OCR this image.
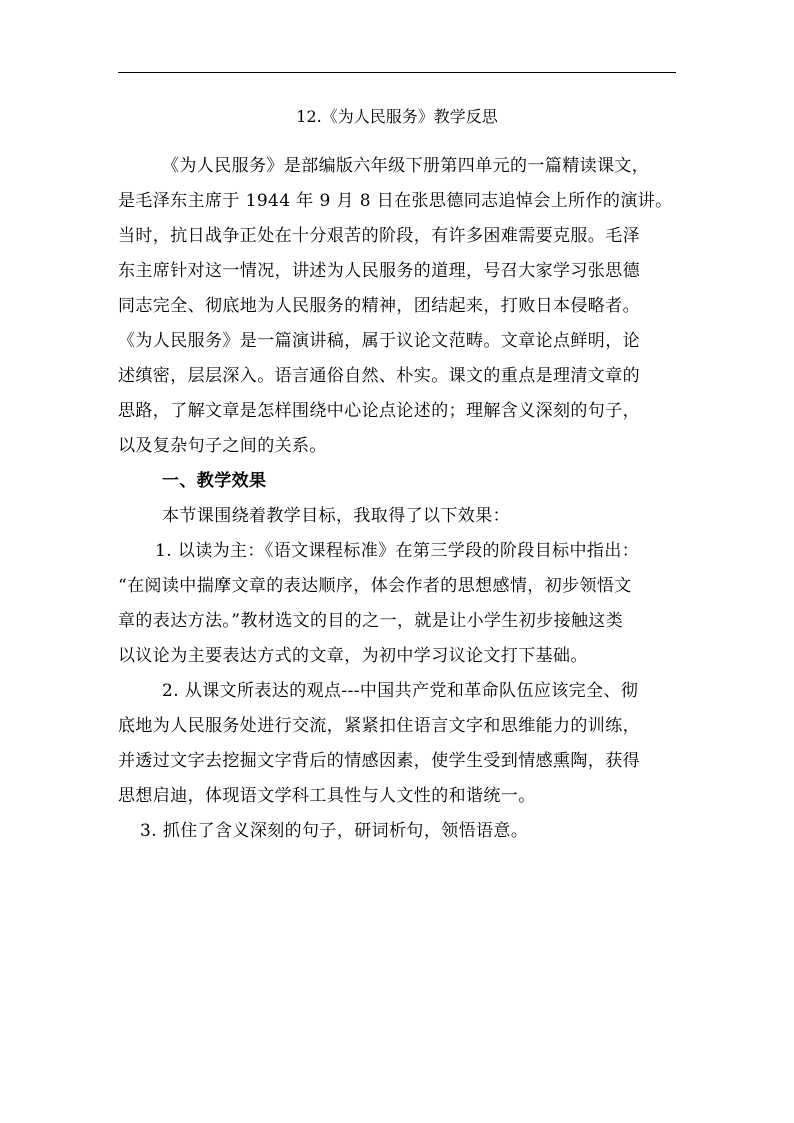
12.《为人民服务》教学反思
《为人民服务》是部编版六年级下册第四单元的一篇精读课文，
是毛泽东主席于 1944 年 9 月 8 日在张思德同志追悼会上所作的演讲。
当时，抗日战争正处在十分艰苦的阶段，有许多困难需要克服。毛泽
东主席针对这一情况，讲述为人民服务的道理，号召大家学习张思德
同志完全、彻底地为人民服务的精神，团结起来，打败日本侵略者。
《为人民服务》是一篇演讲稿，属于议论文范畴。文章论点鲜明，论
述缜密，层层深入。语言通俗自然、朴实。课文的重点是理清文章的
思路，了解文章是怎样围绕中心论点论述的；理解含义深刻的句子，
以及复杂句子之间的关系。
一、教学效果
本节课围绕着教学目标，我取得了以下效果：
1. 以读为主：《语文课程标准》在第三学段的阶段目标中指出：
“在阅读中揣摩文章的表达顺序，体会作者的思想感情，初步领悟文
章的表达方法。”教材选文的目的之一，就是让小学生初步接触这类
以议论为主要表达方式的文章，为初中学习议论文打下基础。
2. 从课文所表达的观点---中国共产党和革命队伍应该完全、彻
底地为人民服务处进行交流，紧紧扣住语言文字和思维能力的训练，
并透过文字去挖掘文字背后的情感因素，使学生受到情感熏陶，获得
思想启迪，体现语文学科工具性与人文性的和谐统一。
3. 抓住了含义深刻的句子，研词析句，领悟语意。
